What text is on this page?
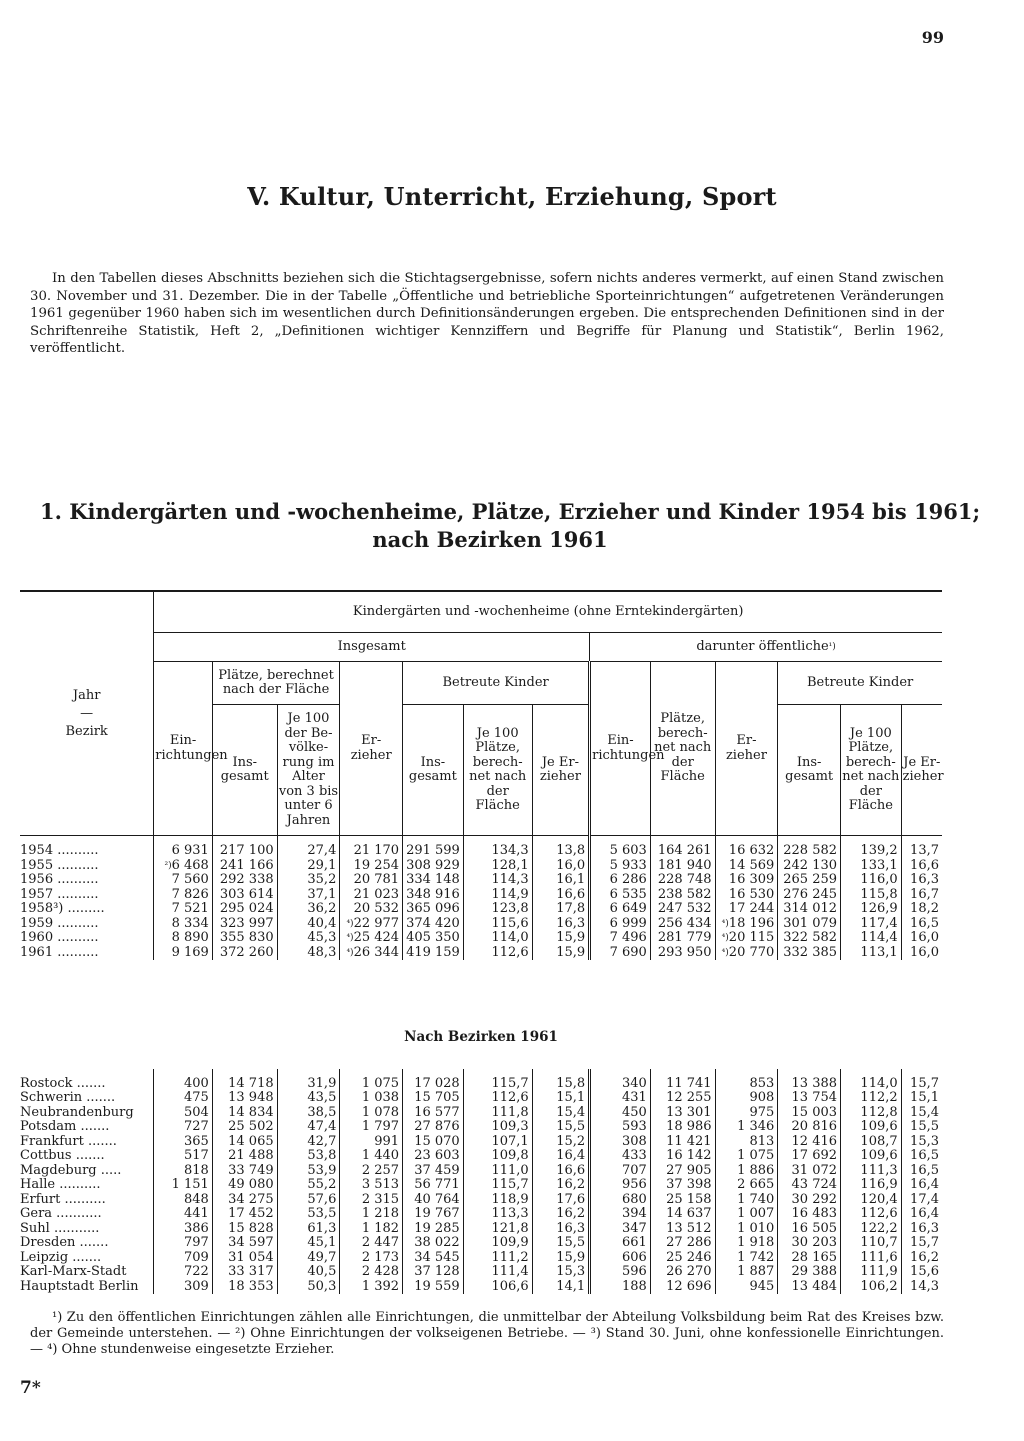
99
V. Kultur, Unterricht, Erziehung, Sport
In den Tabellen dieses Abschnitts beziehen sich die Stichtagsergebnisse, sofern nichts anderes vermerkt, auf einen Stand zwischen 30. November und 31. Dezember. Die in der Tabelle „Öffentliche und betriebliche Sporteinrichtungen“ aufgetretenen Veränderungen 1961 gegenüber 1960 haben sich im wesentlichen durch Definitionsänderungen ergeben. Die entsprechenden Definitionen sind in der Schriftenreihe Statistik, Heft 2, „Definitionen wichtiger Kennziffern und Begriffe für Planung und Statistik“, Berlin 1962, veröffentlicht.
1. Kindergärten und -wochenheime, Plätze, Erzieher und Kinder 1954 bis 1961;
nach Bezirken 1961
Jahr
—
Bezirk	Kindergärten und -wochenheime (ohne Erntekindergärten)												
	Insgesamt							darunter öffentliche$^{^1)}$
	Ein-richtungen	Plätze, berechnet nach der Fläche		Er-zieher	Betreute Kinder			Ein-richtungen	Plätze, berech-net nach der Fläche	Er-zieher	Betreute Kinder		
		Ins-gesamt	Je 100 der Be-völke-rung im Alter von 3 bis unter 6 Jahren		Ins-gesamt	Je 100 Plätze, berech-net nach der Fläche	Je Er-zieher				Ins-gesamt	Je 100 Plätze, berech-net nach der Fläche	Je Er-zieher
1954 ..........	6 931	217 100	27,4	21 170	291 599	134,3	13,8	5 603	164 261	16 632	228 582	139,2	13,7
1955 ..........	$^{^2)}$6 468	241 166	29,1	19 254	308 929	128,1	16,0	5 933	181 940	14 569	242 130	133,1	16,6
1956 ..........	7 560	292 338	35,2	20 781	334 148	114,3	16,1	6 286	228 748	16 309	265 259	116,0	16,3
1957 ..........	7 826	303 614	37,1	21 023	348 916	114,9	16,6	6 535	238 582	16 530	276 245	115,8	16,7
1958³) .........	7 521	295 024	36,2	20 532	365 096	123,8	17,8	6 649	247 532	17 244	314 012	126,9	18,2
1959 ..........	8 334	323 997	40,4	$^{^4)}$22 977	374 420	115,6	16,3	6 999	256 434	$^{^4)}$18 196	301 079	117,4	16,5
1960 ..........	8 890	355 830	45,3	$^{^4)}$25 424	405 350	114,0	15,9	7 496	281 779	$^{^4)}$20 115	322 582	114,4	16,0
1961 ..........	9 169	372 260	48,3	$^{^4)}$26 344	419 159	112,6	15,9	7 690	293 950	$^{^4)}$20 770	332 385	113,1	16,0
Nach Bezirken 1961													
Rostock .......	400	14 718	31,9	1 075	17 028	115,7	15,8	340	11 741	853	13 388	114,0	15,7
Schwerin .......	475	13 948	43,5	1 038	15 705	112,6	15,1	431	12 255	908	13 754	112,2	15,1
Neubrandenburg	504	14 834	38,5	1 078	16 577	111,8	15,4	450	13 301	975	15 003	112,8	15,4
Potsdam .......	727	25 502	47,4	1 797	27 876	109,3	15,5	593	18 986	1 346	20 816	109,6	15,5
Frankfurt .......	365	14 065	42,7	991	15 070	107,1	15,2	308	11 421	813	12 416	108,7	15,3
Cottbus .......	517	21 488	53,8	1 440	23 603	109,8	16,4	433	16 142	1 075	17 692	109,6	16,5
Magdeburg .....	818	33 749	53,9	2 257	37 459	111,0	16,6	707	27 905	1 886	31 072	111,3	16,5
Halle ..........	1 151	49 080	55,2	3 513	56 771	115,7	16,2	956	37 398	2 665	43 724	116,9	16,4
Erfurt ..........	848	34 275	57,6	2 315	40 764	118,9	17,6	680	25 158	1 740	30 292	120,4	17,4
Gera ...........	441	17 452	53,5	1 218	19 767	113,3	16,2	394	14 637	1 007	16 483	112,6	16,4
Suhl ...........	386	15 828	61,3	1 182	19 285	121,8	16,3	347	13 512	1 010	16 505	122,2	16,3
Dresden .......	797	34 597	45,1	2 447	38 022	109,9	15,5	661	27 286	1 918	30 203	110,7	15,7
Leipzig .......	709	31 054	49,7	2 173	34 545	111,2	15,9	606	25 246	1 742	28 165	111,6	16,2
Karl-Marx-Stadt	722	33 317	40,5	2 428	37 128	111,4	15,3	596	26 270	1 887	29 388	111,9	15,6
Hauptstadt Berlin	309	18 353	50,3	1 392	19 559	106,6	14,1	188	12 696	945	13 484	106,2	14,3
¹) Zu den öffentlichen Einrichtungen zählen alle Einrichtungen, die unmittelbar der Abteilung Volksbildung beim Rat des Kreises bzw. der Gemeinde unterstehen. — ²) Ohne Einrichtungen der volkseigenen Betriebe. — ³) Stand 30. Juni, ohne konfessionelle Einrichtungen. — ⁴) Ohne stundenweise eingesetzte Erzieher.
7*
